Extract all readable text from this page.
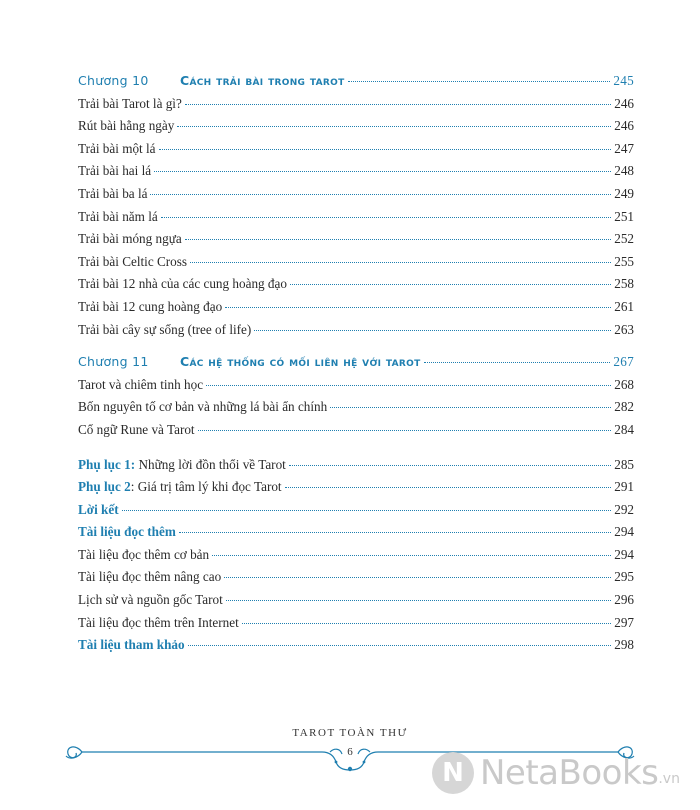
Chương 10	Cách trải bài trong tarot	245
Trải bài Tarot là gì?	246
Rút bài hằng ngày	246
Trải bài một lá	247
Trải bài hai lá	248
Trải bài ba lá	249
Trải bài năm lá	251
Trải bài móng ngựa	252
Trải bài Celtic Cross	255
Trải bài 12 nhà của các cung hoàng đạo	258
Trải bài 12 cung hoàng đạo	261
Trải bài cây sự sống (tree of life)	263
Chương 11	Các hệ thống có mối liên hệ với tarot	267
Tarot và chiêm tinh học	268
Bốn nguyên tố cơ bản và những lá bài ẩn chính	282
Cổ ngữ Rune và Tarot	284
Phụ lục 1: Những lời đồn thổi về Tarot	285
Phụ lục 2: Giá trị tâm lý khi đọc Tarot	291
Lời kết	292
Tài liệu đọc thêm	294
Tài liệu đọc thêm cơ bản	294
Tài liệu đọc thêm nâng cao	295
Lịch sử và nguồn gốc Tarot	296
Tài liệu đọc thêm trên Internet	297
Tài liệu tham khảo	298
TAROT TOÀN THƯ
6
N NetaBooks .vn
